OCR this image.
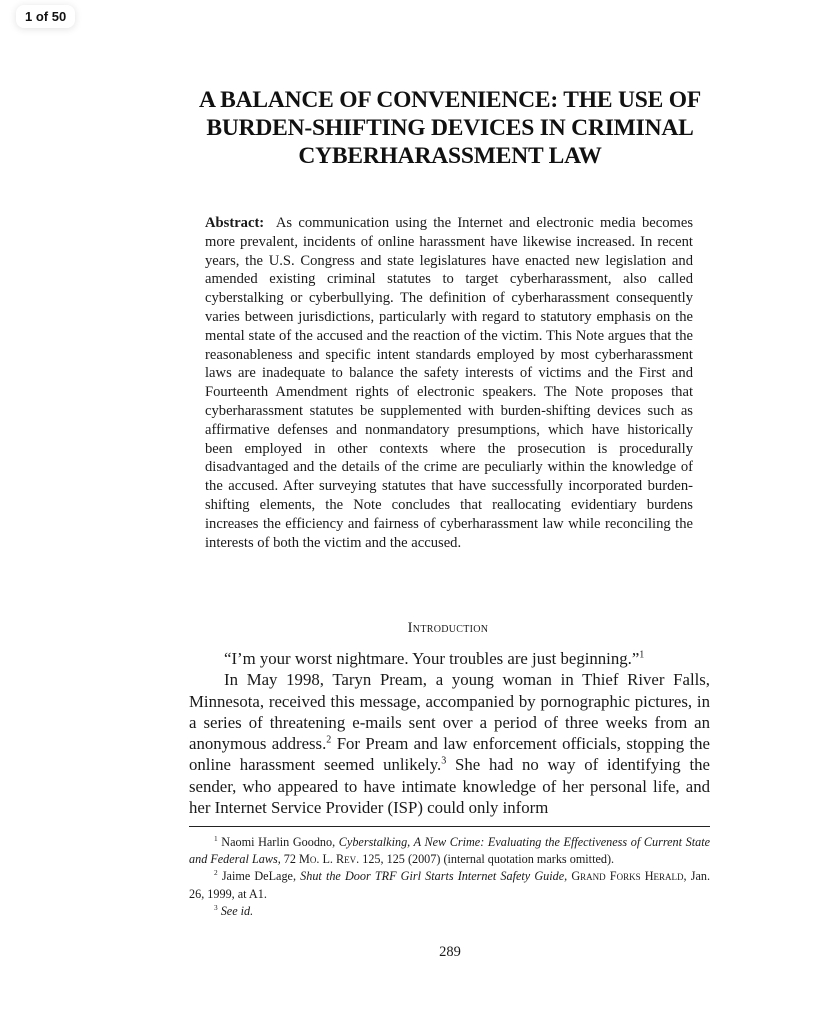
1 of 50
A BALANCE OF CONVENIENCE: THE USE OF BURDEN-SHIFTING DEVICES IN CRIMINAL CYBERHARASSMENT LAW
Abstract: As communication using the Internet and electronic media becomes more prevalent, incidents of online harassment have likewise increased. In recent years, the U.S. Congress and state legislatures have enacted new legislation and amended existing criminal statutes to target cyberharassment, also called cyberstalking or cyberbullying. The definition of cyberharassment consequently varies between jurisdictions, particularly with regard to statutory emphasis on the mental state of the accused and the reaction of the victim. This Note argues that the reasonableness and specific intent standards employed by most cyberharassment laws are inadequate to balance the safety interests of victims and the First and Fourteenth Amendment rights of electronic speakers. The Note proposes that cyberharassment statutes be supplemented with burden-shifting devices such as affirmative defenses and nonmandatory presumptions, which have historically been employed in other contexts where the prosecution is procedurally disadvantaged and the details of the crime are peculiarly within the knowledge of the accused. After surveying statutes that have successfully incorporated burden-shifting elements, the Note concludes that reallocating evidentiary burdens increases the efficiency and fairness of cyberharassment law while reconciling the interests of both the victim and the accused.
Introduction

“I’m your worst nightmare. Your troubles are just beginning.”$^1$

In May 1998, Taryn Pream, a young woman in Thief River Falls, Minnesota, received this message, accompanied by pornographic pictures, in a series of threatening e-mails sent over a period of three weeks from an anonymous address.$^2$ For Pream and law enforcement officials, stopping the online harassment seemed unlikely.$^3$ She had no way of identifying the sender, who appeared to have intimate knowledge of her personal life, and her Internet Service Provider (ISP) could only inform

$^1$ Naomi Harlin Goodno, Cyberstalking, A New Crime: Evaluating the Effectiveness of Current State and Federal Laws, 72 Mo. L. Rev. 125, 125 (2007) (internal quotation marks omitted).

$^2$ Jaime DeLage, Shut the Door TRF Girl Starts Internet Safety Guide, Grand Forks Herald, Jan. 26, 1999, at A1.

$^3$ See id.

289
